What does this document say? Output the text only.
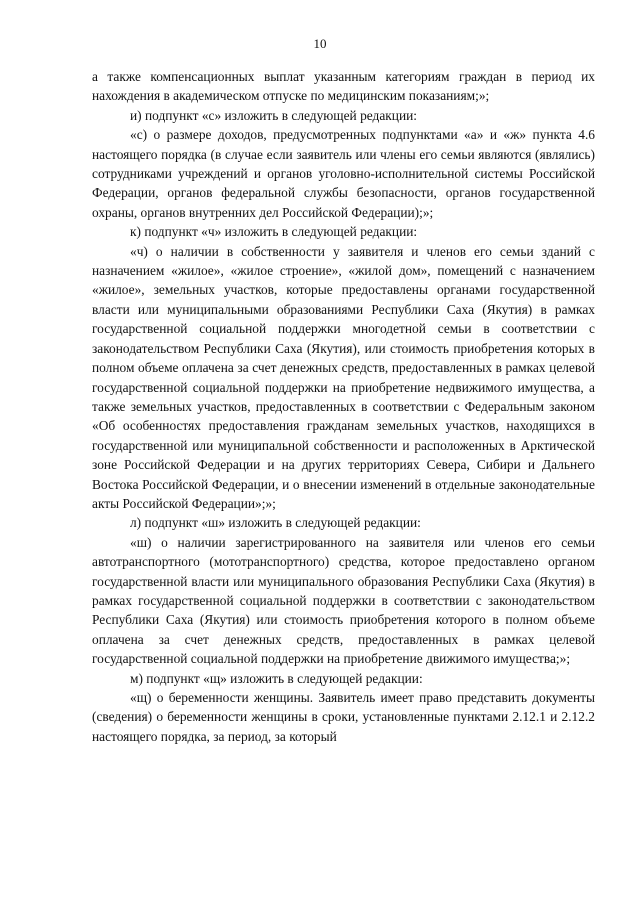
10

а также компенсационных выплат указанным категориям граждан в период их нахождения в академическом отпуске по медицинским показаниям;»;

и) подпункт «с» изложить в следующей редакции:

«с) о размере доходов, предусмотренных подпунктами «а» и «ж» пункта 4.6 настоящего порядка (в случае если заявитель или члены его семьи являются (являлись) сотрудниками учреждений и органов уголовно-исполнительной системы Российской Федерации, органов федеральной службы безопасности, органов государственной охраны, органов внутренних дел Российской Федерации);»;

к) подпункт «ч» изложить в следующей редакции:

«ч) о наличии в собственности у заявителя и членов его семьи зданий с назначением «жилое», «жилое строение», «жилой дом», помещений с назначением «жилое», земельных участков, которые предоставлены органами государственной власти или муниципальными образованиями Республики Саха (Якутия) в рамках государственной социальной поддержки многодетной семьи в соответствии с законодательством Республики Саха (Якутия), или стоимость приобретения которых в полном объеме оплачена за счет денежных средств, предоставленных в рамках целевой государственной социальной поддержки на приобретение недвижимого имущества, а также земельных участков, предоставленных в соответствии с Федеральным законом «Об особенностях предоставления гражданам земельных участков, находящихся в государственной или муниципальной собственности и расположенных в Арктической зоне Российской Федерации и на других территориях Севера, Сибири и Дальнего Востока Российской Федерации, и о внесении изменений в отдельные законодательные акты Российской Федерации»;»;

л) подпункт «ш» изложить в следующей редакции:

«ш) о наличии зарегистрированного на заявителя или членов его семьи автотранспортного (мототранспортного) средства, которое предоставлено органом государственной власти или муниципального образования Республики Саха (Якутия) в рамках государственной социальной поддержки в соответствии с законодательством Республики Саха (Якутия) или стоимость приобретения которого в полном объеме оплачена за счет денежных средств, предоставленных в рамках целевой государственной социальной поддержки на приобретение движимого имущества;»;

м) подпункт «щ» изложить в следующей редакции:

«щ) о беременности женщины. Заявитель имеет право представить документы (сведения) о беременности женщины в сроки, установленные пунктами 2.12.1 и 2.12.2 настоящего порядка, за период, за который
